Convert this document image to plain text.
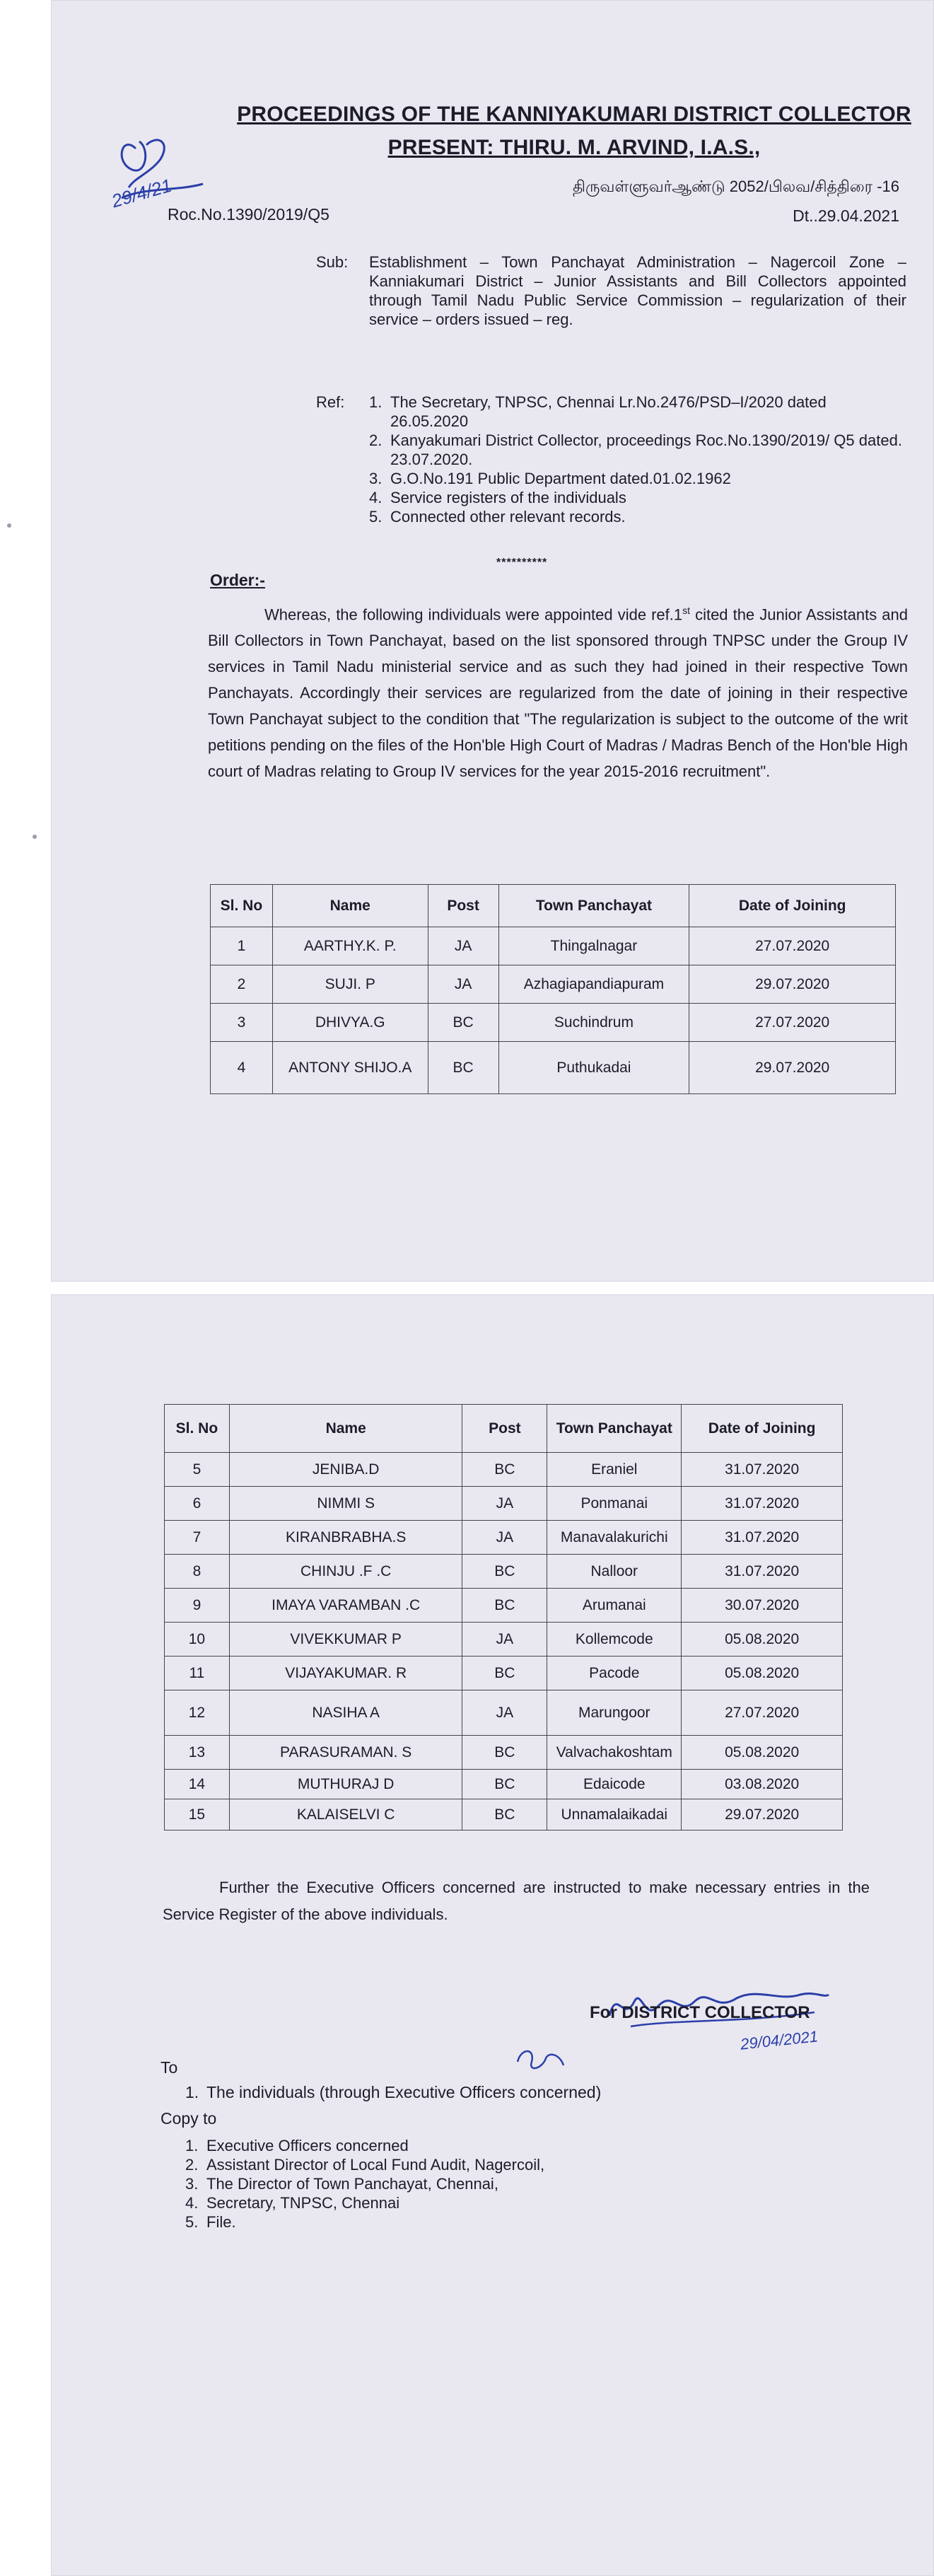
29/4/21
PROCEEDINGS OF THE KANNIYAKUMARI DISTRICT COLLECTOR
PRESENT: THIRU. M. ARVIND, I.A.S.,
திருவள்ளுவர்ஆண்டு 2052/பிலவ/சித்திரை -16
Roc.No.1390/2019/Q5	Dt..29.04.2021
Sub: Establishment – Town Panchayat Administration – Nagercoil Zone – Kanniakumari District – Junior Assistants and Bill Collectors appointed through Tamil Nadu Public Service Commission – regularization of their service – orders issued – reg.
Ref: 1. The Secretary, TNPSC, Chennai Lr.No.2476/PSD–I/2020 dated 26.05.2020
2. Kanyakumari District Collector, proceedings Roc.No.1390/2019/ Q5 dated. 23.07.2020.
3. G.O.No.191 Public Department dated.01.02.1962
4. Service registers of the individuals
5. Connected other relevant records.
**********
Order:-
Whereas, the following individuals were appointed vide ref.1st cited the Junior Assistants and Bill Collectors in Town Panchayat, based on the list sponsored through TNPSC under the Group IV services in Tamil Nadu ministerial service and as such they had joined in their respective Town Panchayats. Accordingly their services are regularized from the date of joining in their respective Town Panchayat subject to the condition that "The regularization is subject to the outcome of the writ petitions pending on the files of the Hon'ble High Court of Madras / Madras Bench of the Hon'ble High court of Madras relating to Group IV services for the year 2015-2016 recruitment".
Sl. No	Name	Post	Town Panchayat	Date of Joining
1	AARTHY.K. P.	JA	Thingalnagar	27.07.2020
2	SUJI. P	JA	Azhagiapandiapuram	29.07.2020
3	DHIVYA.G	BC	Suchindrum	27.07.2020
4	ANTONY SHIJO.A	BC	Puthukadai	29.07.2020
Sl. No	Name	Post	Town Panchayat	Date of Joining
5	JENIBA.D	BC	Eraniel	31.07.2020
6	NIMMI S	JA	Ponmanai	31.07.2020
7	KIRANBRABHA.S	JA	Manavalakurichi	31.07.2020
8	CHINJU .F .C	BC	Nalloor	31.07.2020
9	IMAYA VARAMBAN .C	BC	Arumanai	30.07.2020
10	VIVEKKUMAR P	JA	Kollemcode	05.08.2020
11	VIJAYAKUMAR. R	BC	Pacode	05.08.2020
12	NASIHA A	JA	Marungoor	27.07.2020
13	PARASURAMAN. S	BC	Valvachakoshtam	05.08.2020
14	MUTHURAJ D	BC	Edaicode	03.08.2020
15	KALAISELVI C	BC	Unnamalaikadai	29.07.2020
Further the Executive Officers concerned are instructed to make necessary entries in the Service Register of the above individuals.
For DISTRICT COLLECTOR
29/04/2021
To
1. The individuals (through Executive Officers concerned)
Copy to
1. Executive Officers concerned
2. Assistant Director of Local Fund Audit, Nagercoil,
3. The Director of Town Panchayat, Chennai,
4. Secretary, TNPSC, Chennai
5. File.
